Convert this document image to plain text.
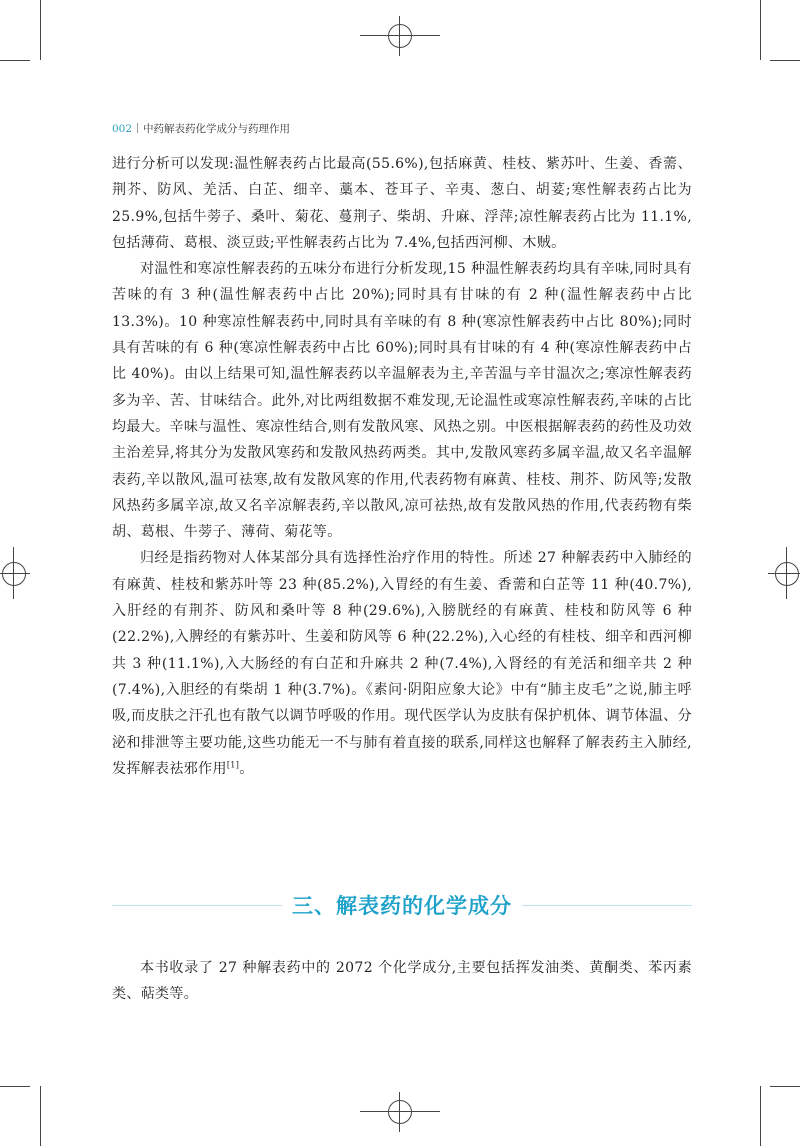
002 中药解表药化学成分与药理作用

进行分析可以发现:温性解表药占比最高(55.6%),包括麻黄、桂枝、紫苏叶、生姜、香薷、荆芥、防风、羌活、白芷、细辛、藁本、苍耳子、辛夷、葱白、胡荽;寒性解表药占比为 25.9%,包括牛蒡子、桑叶、菊花、蔓荆子、柴胡、升麻、浮萍;凉性解表药占比为 11.1%,包括薄荷、葛根、淡豆豉;平性解表药占比为 7.4%,包括西河柳、木贼。

对温性和寒凉性解表药的五味分布进行分析发现,15 种温性解表药均具有辛味,同时具有苦味的有 3 种(温性解表药中占比 20%);同时具有甘味的有 2 种(温性解表药中占比 13.3%)。10 种寒凉性解表药中,同时具有辛味的有 8 种(寒凉性解表药中占比 80%);同时具有苦味的有 6 种(寒凉性解表药中占比 60%);同时具有甘味的有 4 种(寒凉性解表药中占比 40%)。由以上结果可知,温性解表药以辛温解表为主,辛苦温与辛甘温次之;寒凉性解表药多为辛、苦、甘味结合。此外,对比两组数据不难发现,无论温性或寒凉性解表药,辛味的占比均最大。辛味与温性、寒凉性结合,则有发散风寒、风热之别。中医根据解表药的药性及功效主治差异,将其分为发散风寒药和发散风热药两类。其中,发散风寒药多属辛温,故又名辛温解表药,辛以散风,温可祛寒,故有发散风寒的作用,代表药物有麻黄、桂枝、荆芥、防风等;发散风热药多属辛凉,故又名辛凉解表药,辛以散风,凉可祛热,故有发散风热的作用,代表药物有柴胡、葛根、牛蒡子、薄荷、菊花等。

归经是指药物对人体某部分具有选择性治疗作用的特性。所述 27 种解表药中入肺经的有麻黄、桂枝和紫苏叶等 23 种(85.2%),入胃经的有生姜、香薷和白芷等 11 种(40.7%),入肝经的有荆芥、防风和桑叶等 8 种(29.6%),入膀胱经的有麻黄、桂枝和防风等 6 种(22.2%),入脾经的有紫苏叶、生姜和防风等 6 种(22.2%),入心经的有桂枝、细辛和西河柳共 3 种(11.1%),入大肠经的有白芷和升麻共 2 种(7.4%),入肾经的有羌活和细辛共 2 种(7.4%),入胆经的有柴胡 1 种(3.7%)。《素问·阴阳应象大论》中有“肺主皮毛”之说,肺主呼吸,而皮肤之汗孔也有散气以调节呼吸的作用。现代医学认为皮肤有保护机体、调节体温、分泌和排泄等主要功能,这些功能无一不与肺有着直接的联系,同样这也解释了解表药主入肺经,发挥解表祛邪作用[1]。

三、解表药的化学成分

本书收录了 27 种解表药中的 2072 个化学成分,主要包括挥发油类、黄酮类、苯丙素类、萜类等。
